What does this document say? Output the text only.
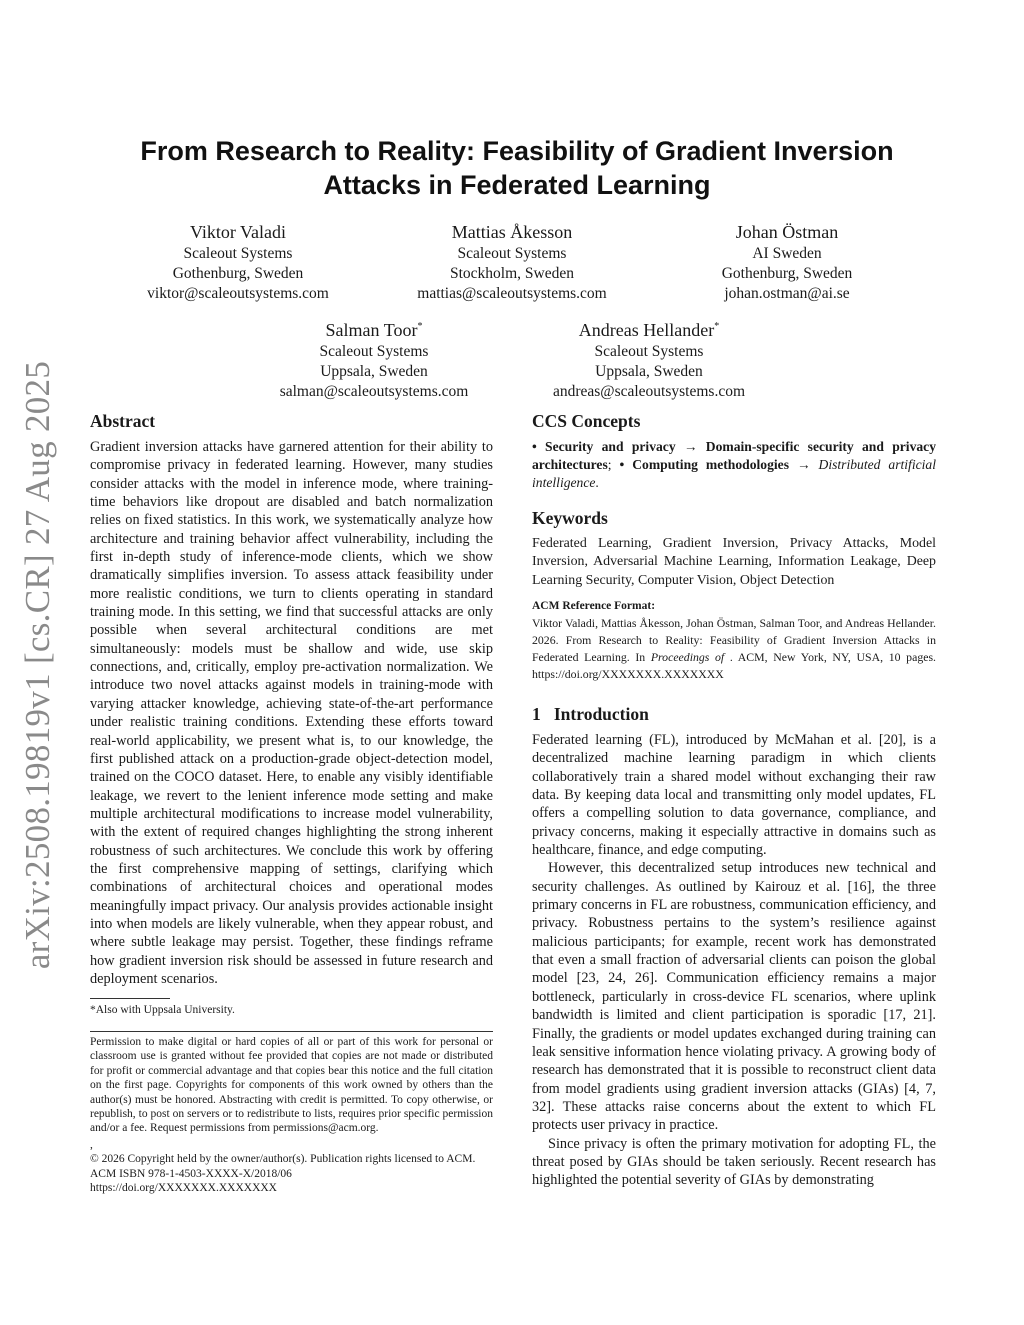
arXiv:2508.19819v1 [cs.CR] 27 Aug 2025
From Research to Reality: Feasibility of Gradient Inversion
Attacks in Federated Learning
Viktor Valadi
Scaleout Systems
Gothenburg, Sweden
viktor@scaleoutsystems.com
Mattias Åkesson
Scaleout Systems
Stockholm, Sweden
mattias@scaleoutsystems.com
Johan Östman
AI Sweden
Gothenburg, Sweden
johan.ostman@ai.se
Salman Toor*
Scaleout Systems
Uppsala, Sweden
salman@scaleoutsystems.com
Andreas Hellander*
Scaleout Systems
Uppsala, Sweden
andreas@scaleoutsystems.com
Abstract

Gradient inversion attacks have garnered attention for their ability to compromise privacy in federated learning. However, many studies consider attacks with the model in inference mode, where training-time behaviors like dropout are disabled and batch normalization relies on fixed statistics. In this work, we systematically analyze how architecture and training behavior affect vulnerability, including the first in-depth study of inference-mode clients, which we show dramatically simplifies inversion. To assess attack feasibility under more realistic conditions, we turn to clients operating in standard training mode. In this setting, we find that successful attacks are only possible when several architectural conditions are met simultaneously: models must be shallow and wide, use skip connections, and, critically, employ pre-activation normalization. We introduce two novel attacks against models in training-mode with varying attacker knowledge, achieving state-of-the-art performance under realistic training conditions. Extending these efforts toward real-world applicability, we present what is, to our knowledge, the first published attack on a production-grade object-detection model, trained on the COCO dataset. Here, to enable any visibly identifiable leakage, we revert to the lenient inference mode setting and make multiple architectural modifications to increase model vulnerability, with the extent of required changes highlighting the strong inherent robustness of such architectures. We conclude this work by offering the first comprehensive mapping of settings, clarifying which combinations of architectural choices and operational modes meaningfully impact privacy. Our analysis provides actionable insight into when models are likely vulnerable, when they appear robust, and where subtle leakage may persist. Together, these findings reframe how gradient inversion risk should be assessed in future research and deployment scenarios.

*Also with Uppsala University.

Permission to make digital or hard copies of all or part of this work for personal or classroom use is granted without fee provided that copies are not made or distributed for profit or commercial advantage and that copies bear this notice and the full citation on the first page. Copyrights for components of this work owned by others than the author(s) must be honored. Abstracting with credit is permitted. To copy otherwise, or republish, to post on servers or to redistribute to lists, requires prior specific permission and/or a fee. Request permissions from permissions@acm.org.

,

© 2026 Copyright held by the owner/author(s). Publication rights licensed to ACM.

ACM ISBN 978-1-4503-XXXX-X/2018/06

https://doi.org/XXXXXXX.XXXXXXX

CCS Concepts

• Security and privacy → Domain-specific security and privacy architectures; • Computing methodologies → Distributed artificial intelligence.

Keywords

Federated Learning, Gradient Inversion, Privacy Attacks, Model Inversion, Adversarial Machine Learning, Information Leakage, Deep Learning Security, Computer Vision, Object Detection

ACM Reference Format:

Viktor Valadi, Mattias Åkesson, Johan Östman, Salman Toor, and Andreas Hellander. 2026. From Research to Reality: Feasibility of Gradient Inversion Attacks in Federated Learning. In Proceedings of . ACM, New York, NY, USA, 10 pages. https://doi.org/XXXXXXX.XXXXXXX

1 Introduction

Federated learning (FL), introduced by McMahan et al. [20], is a decentralized machine learning paradigm in which clients collaboratively train a shared model without exchanging their raw data. By keeping data local and transmitting only model updates, FL offers a compelling solution to data governance, compliance, and privacy concerns, making it especially attractive in domains such as healthcare, finance, and edge computing.

However, this decentralized setup introduces new technical and security challenges. As outlined by Kairouz et al. [16], the three primary concerns in FL are robustness, communication efficiency, and privacy. Robustness pertains to the system’s resilience against malicious participants; for example, recent work has demonstrated that even a small fraction of adversarial clients can poison the global model [23, 24, 26]. Communication efficiency remains a major bottleneck, particularly in cross-device FL scenarios, where uplink bandwidth is limited and client participation is sporadic [17, 21]. Finally, the gradients or model updates exchanged during training can leak sensitive information hence violating privacy. A growing body of research has demonstrated that it is possible to reconstruct client data from model gradients using gradient inversion attacks (GIAs) [4, 7, 32]. These attacks raise concerns about the extent to which FL protects user privacy in practice.

Since privacy is often the primary motivation for adopting FL, the threat posed by GIAs should be taken seriously. Recent research has highlighted the potential severity of GIAs by demonstrating
